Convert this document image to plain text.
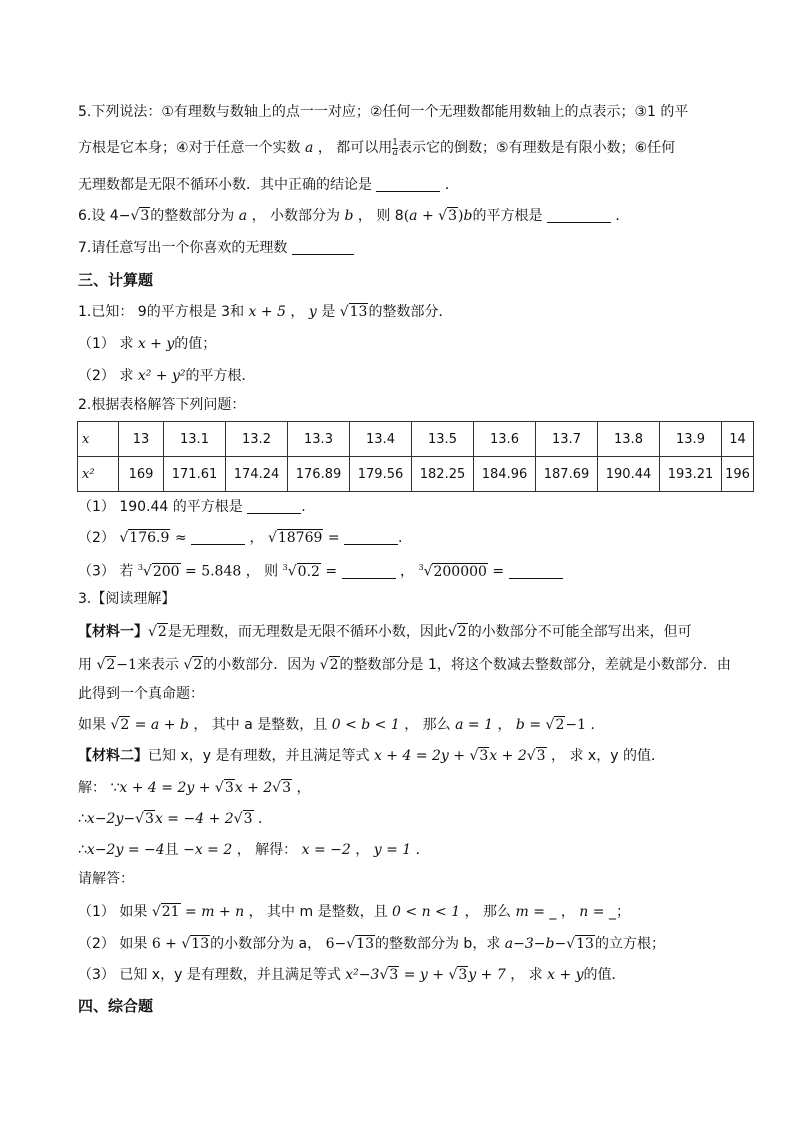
5.下列说法：①有理数与数轴上的点一一对应；②任何一个无理数都能用数轴上的点表示；③1 的平
方根是它本身；④对于任意一个实数 a ， 都可以用 $\frac{1}{a}$ 表示它的倒数；⑤有理数是有限小数；⑥任何
无理数都是无限不循环小数．其中正确的结论是	．
6.设 4−√3的整数部分为 a ， 小数部分为 b ， 则 8(a + √3)b的平方根是	．
7.请任意写出一个你喜欢的无理数
三、计算题
1.已知： 9的平方根是 3和 x + 5 ， y 是 √13的整数部分．
（1） 求 x + y的值；
（2） 求 x² + y²的平方根．
2.根据表格解答下列问题：
x	13	13.1	13.2	13.3	13.4	13.5	13.6	13.7	13.8	13.9	14
x²	169	171.61	174.24	176.89	179.56	182.25	184.96	187.69	190.44	193.21	196
（1） 190.44 的平方根是	.
（2） √176.9 ≈	， √18769 =	.
（3） 若 $^3$√200 = 5.848 ， 则 $^3$√0.2 =	， $^3$√200000 =
3.【阅读理解】
【材料一】√2是无理数，而无理数是无限不循环小数，因此√2的小数部分不可能全部写出来，但可
用 √2−1来表示 √2的小数部分．因为 √2的整数部分是 1，将这个数减去整数部分，差就是小数部分．由
此得到一个真命题：
如果 √2 = a + b ， 其中 a 是整数，且 0 < b < 1 ， 那么 a = 1 ， b = √2−1 ．
【材料二】已知 x，y 是有理数，并且满足等式 x + 4 = 2y + √3x + 2√3 ， 求 x，y 的值．
解： ∵x + 4 = 2y + √3x + 2√3 ，
∴x−2y−√3x = −4 + 2√3 ．
∴x−2y = −4且 −x = 2 ， 解得： x = −2 ， y = 1 ．
请解答：
（1） 如果 √21 = m + n ， 其中 m 是整数，且 0 < n < 1 ， 那么 m = _ ， n = _；
（2） 如果 6 + √13的小数部分为 a， 6−√13的整数部分为 b，求 a−3−b−√13的立方根；
（3） 已知 x，y 是有理数，并且满足等式 x²−3√3 = y + √3y + 7 ， 求 x + y的值．
四、综合题
